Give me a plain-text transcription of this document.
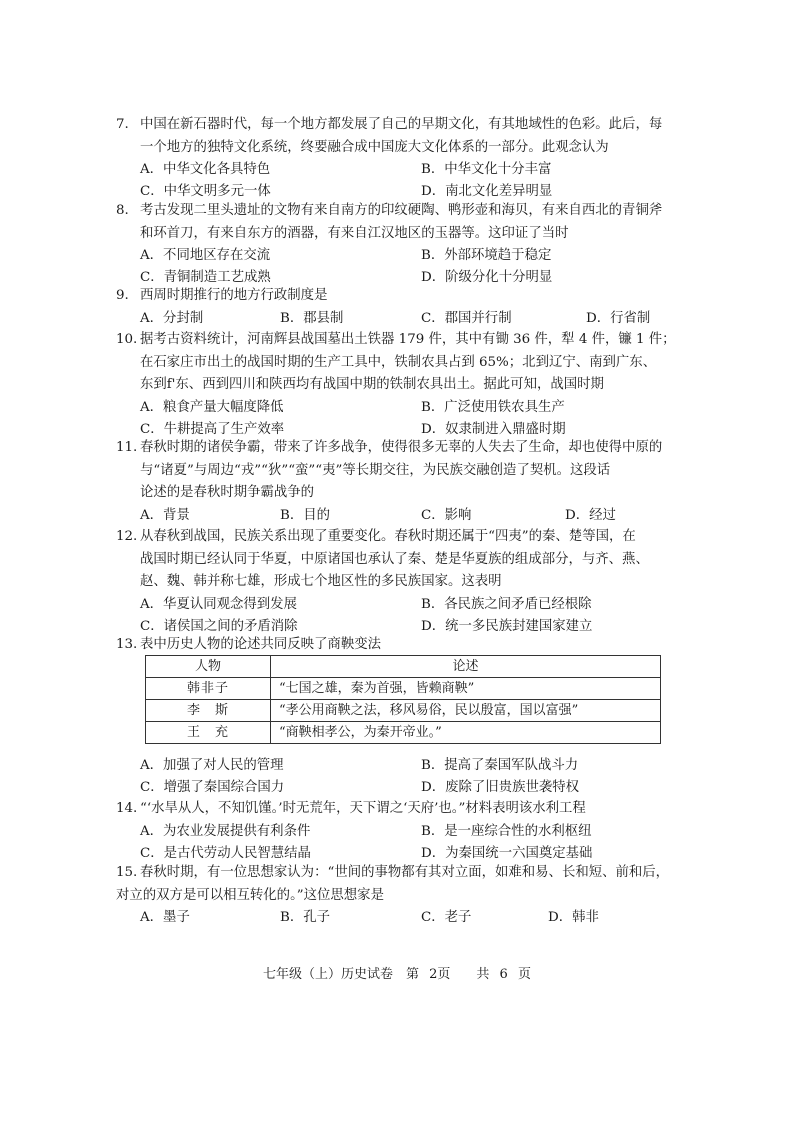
7. 中国在新石器时代，每一个地方都发展了自己的早期文化，有其地域性的色彩。此后，每
一个地方的独特文化系统，终要融合成中国庞大文化体系的一部分。此观念认为
A．中华文化各具特色	B．中华文化十分丰富
C．中华文明多元一体	D．南北文化差异明显
8. 考古发现二里头遗址的文物有来自南方的印纹硬陶、鸭形壶和海贝，有来自西北的青铜斧
和环首刀，有来自东方的酒器，有来自江汉地区的玉器等。这印证了当时
A．不同地区存在交流	B．外部环境趋于稳定
C．青铜制造工艺成熟	D．阶级分化十分明显
9. 西周时期推行的地方行政制度是
A．分封制	B．郡县制	C．郡国并行制	D．行省制
10. 据考古资料统计，河南辉县战国墓出土铁器 179 件，其中有锄 36 件，犁 4 件，镰 1 件；
在石家庄市出土的战国时期的生产工具中，铁制农具占到 65%；北到辽宁、南到广东、
东到f'东、西到四川和陕西均有战国中期的铁制农具出土。据此可知，战国时期
A．粮食产量大幅度降低	B．广泛使用铁农具生产
C．牛耕提高了生产效率	D．奴隶制进入鼎盛时期
11. 春秋时期的诸侯争霸，带来了许多战争，使得很多无辜的人失去了生命，却也使得中原的
与“诸夏”与周边“戎”“狄”“蛮”“夷”等长期交往，为民族交融创造了契机。这段话
论述的是春秋时期争霸战争的
A．背景	B．目的	C．影响	D．经过
12. 从春秋到战国，民族关系出现了重要变化。春秋时期还属于“四夷”的秦、楚等国，在
战国时期已经认同于华夏，中原诸国也承认了秦、楚是华夏族的组成部分，与齐、燕、
赵、魏、韩并称七雄，形成七个地区性的多民族国家。这表明
A．华夏认同观念得到发展	B．各民族之间矛盾已经根除
C．诸侯国之间的矛盾消除	D．统一多民族封建国家建立
13. 表中历史人物的论述共同反映了商鞅变法
人物	论述
韩非子	“七国之雄，秦为首强，皆赖商鞅”
李　斯	“孝公用商鞅之法，移风易俗，民以殷富，国以富强”
王　充	“商鞅相孝公，为秦开帝业。”
A．加强了对人民的管理	B．提高了秦国军队战斗力
C．增强了秦国综合国力	D．废除了旧贵族世袭特权
14. “‘水旱从人，不知饥馑。’时无荒年，天下谓之‘天府’也。”材料表明该水利工程
A．为农业发展提供有利条件	B．是一座综合性的水利枢纽
C．是古代劳动人民智慧结晶	D．为秦国统一六国奠定基础
15. 春秋时期，有一位思想家认为：“世间的事物都有其对立面，如难和易、长和短、前和后，
对立的双方是可以相互转化的。”这位思想家是
A．墨子	B．孔子	C．老子	D．韩非
七年级（上）历史试卷　第 2页　　共 6 页
